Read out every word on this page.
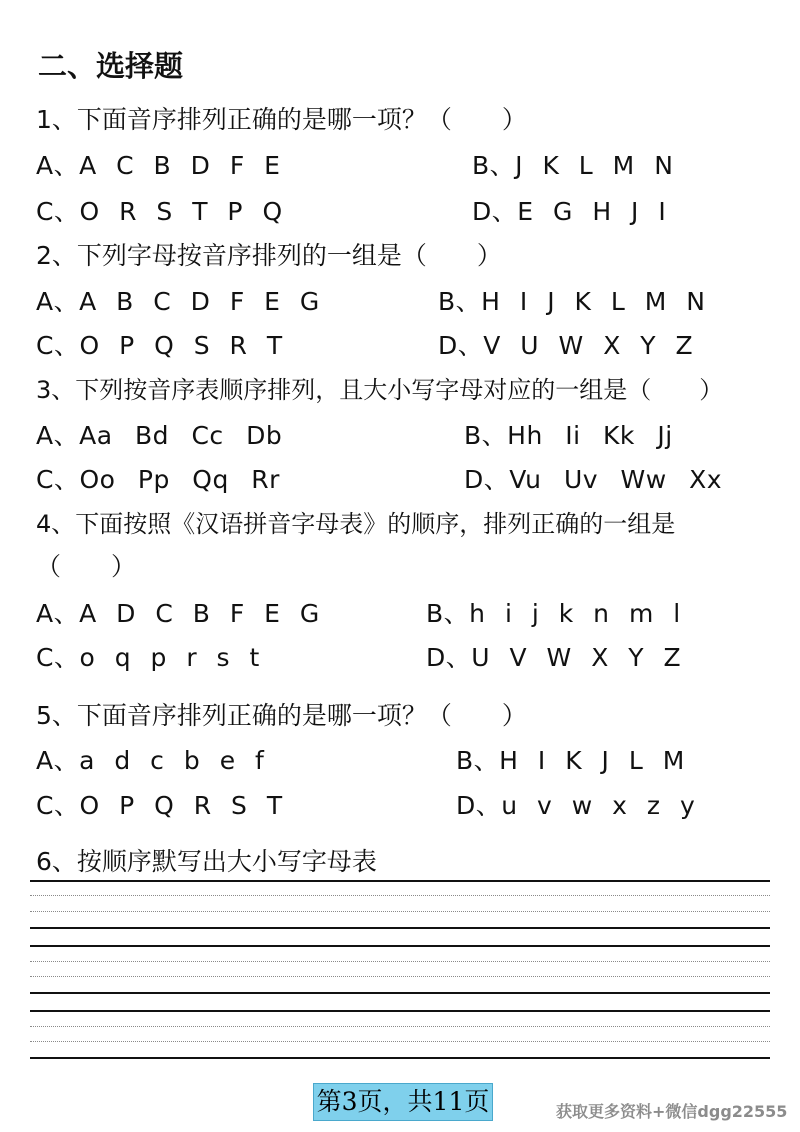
二、选择题
1、下面音序排列正确的是哪一项？（　　）
A、A C B D F E	B、J K L M N
C、O R S T P Q	D、E G H J I
2、下列字母按音序排列的一组是（　　）
A、A B C D F E G	B、H I J K L M N
C、O P Q S R T	D、V U W X Y Z
3、下列按音序表顺序排列，且大小写字母对应的一组是（　　）
A、Aa Bd Cc Db	B、Hh Ii Kk Jj
C、Oo Pp Qq Rr	D、Vu Uv Ww Xx
4、下面按照《汉语拼音字母表》的顺序，排列正确的一组是
（　　）
A、A D C B F E G	B、h i j k n m l
C、o q p r s t	D、U V W X Y Z
5、下面音序排列正确的是哪一项？（　　）
A、a d c b e f	B、H I K J L M
C、O P Q R S T	D、u v w x z y
6、按顺序默写出大小写字母表
第3页，共11页	获取更多资料+微信dgg22555
